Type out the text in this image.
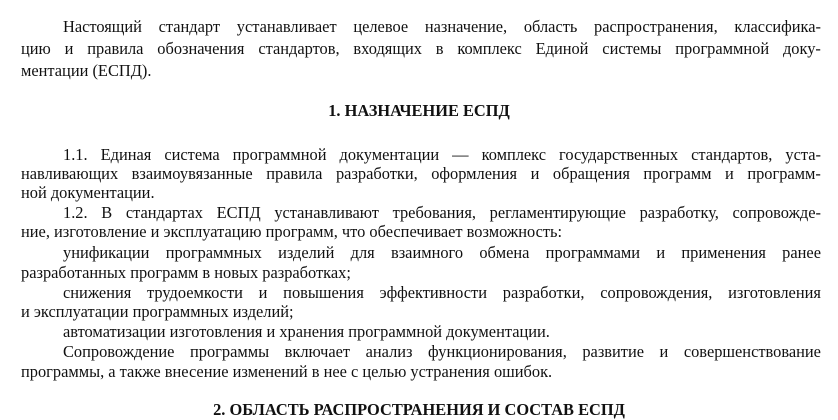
Настоящий стандарт устанавливает целевое назначение, область распространения, классифика-
цию и правила обозначения стандартов, входящих в комплекс Единой системы программной доку-
ментации (ЕСПД).
1. НАЗНАЧЕНИЕ ЕСПД
1.1. Единая система программной документации — комплекс государственных стандартов, уста-
навливающих взаимоувязанные правила разработки, оформления и обращения программ и программ-
ной документации.
1.2. В стандартах ЕСПД устанавливают требования, регламентирующие разработку, сопровожде-
ние, изготовление и эксплуатацию программ, что обеспечивает возможность:
унификации программных изделий для взаимного обмена программами и применения ранее
разработанных программ в новых разработках;
снижения трудоемкости и повышения эффективности разработки, сопровождения, изготовления
и эксплуатации программных изделий;
автоматизации изготовления и хранения программной документации.
Сопровождение программы включает анализ функционирования, развитие и совершенствование
программы, а также внесение изменений в нее с целью устранения ошибок.
2. ОБЛАСТЬ РАСПРОСТРАНЕНИЯ И СОСТАВ ЕСПД
